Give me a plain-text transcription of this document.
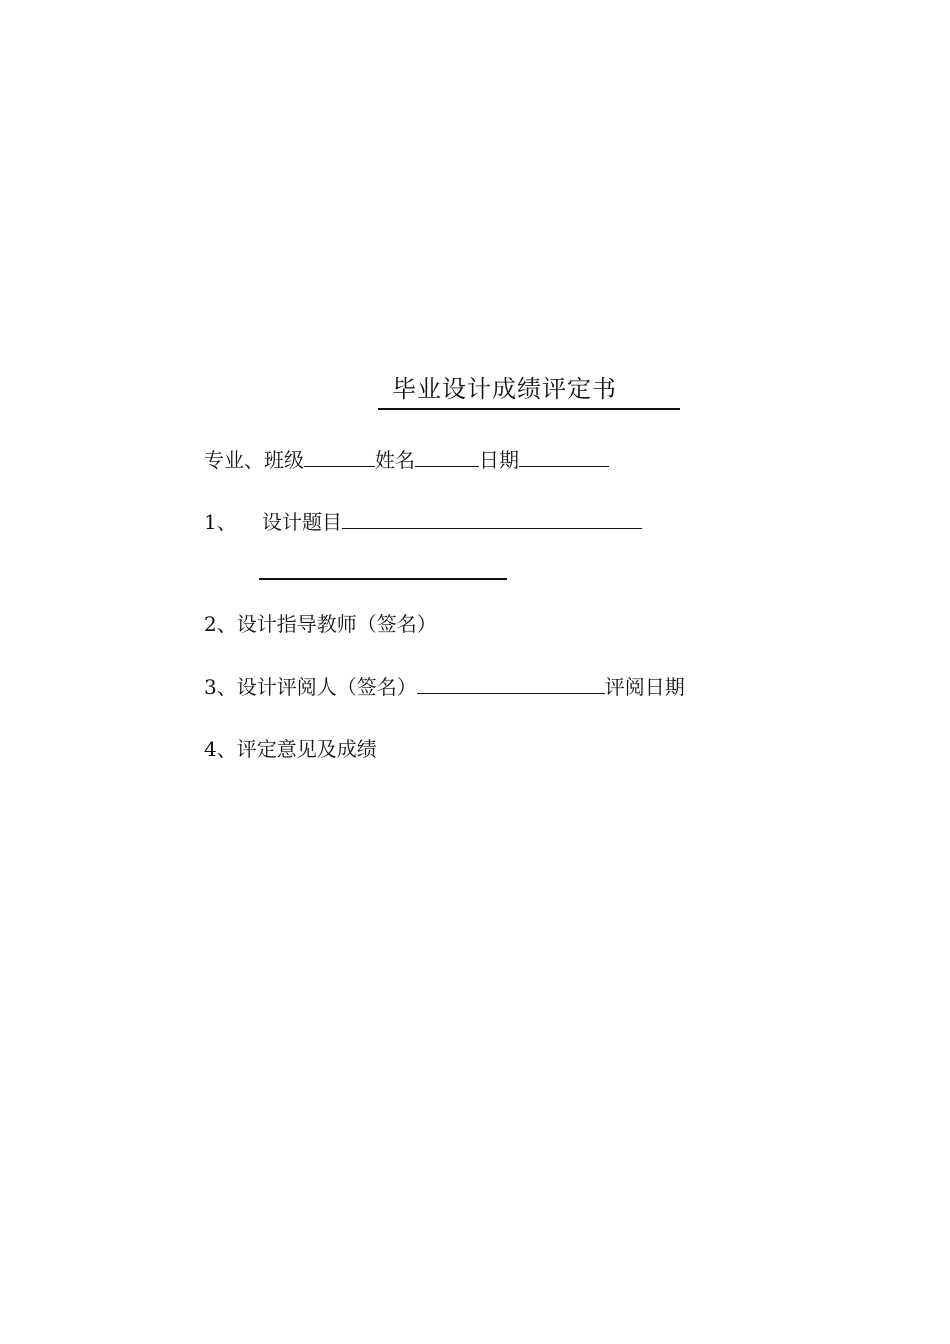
毕业设计成绩评定书
专业、班级	姓名	日期
1、 设计题目
2、设计指导教师（签名）
3、设计评阅人（签名）	评阅日期
4、评定意见及成绩
